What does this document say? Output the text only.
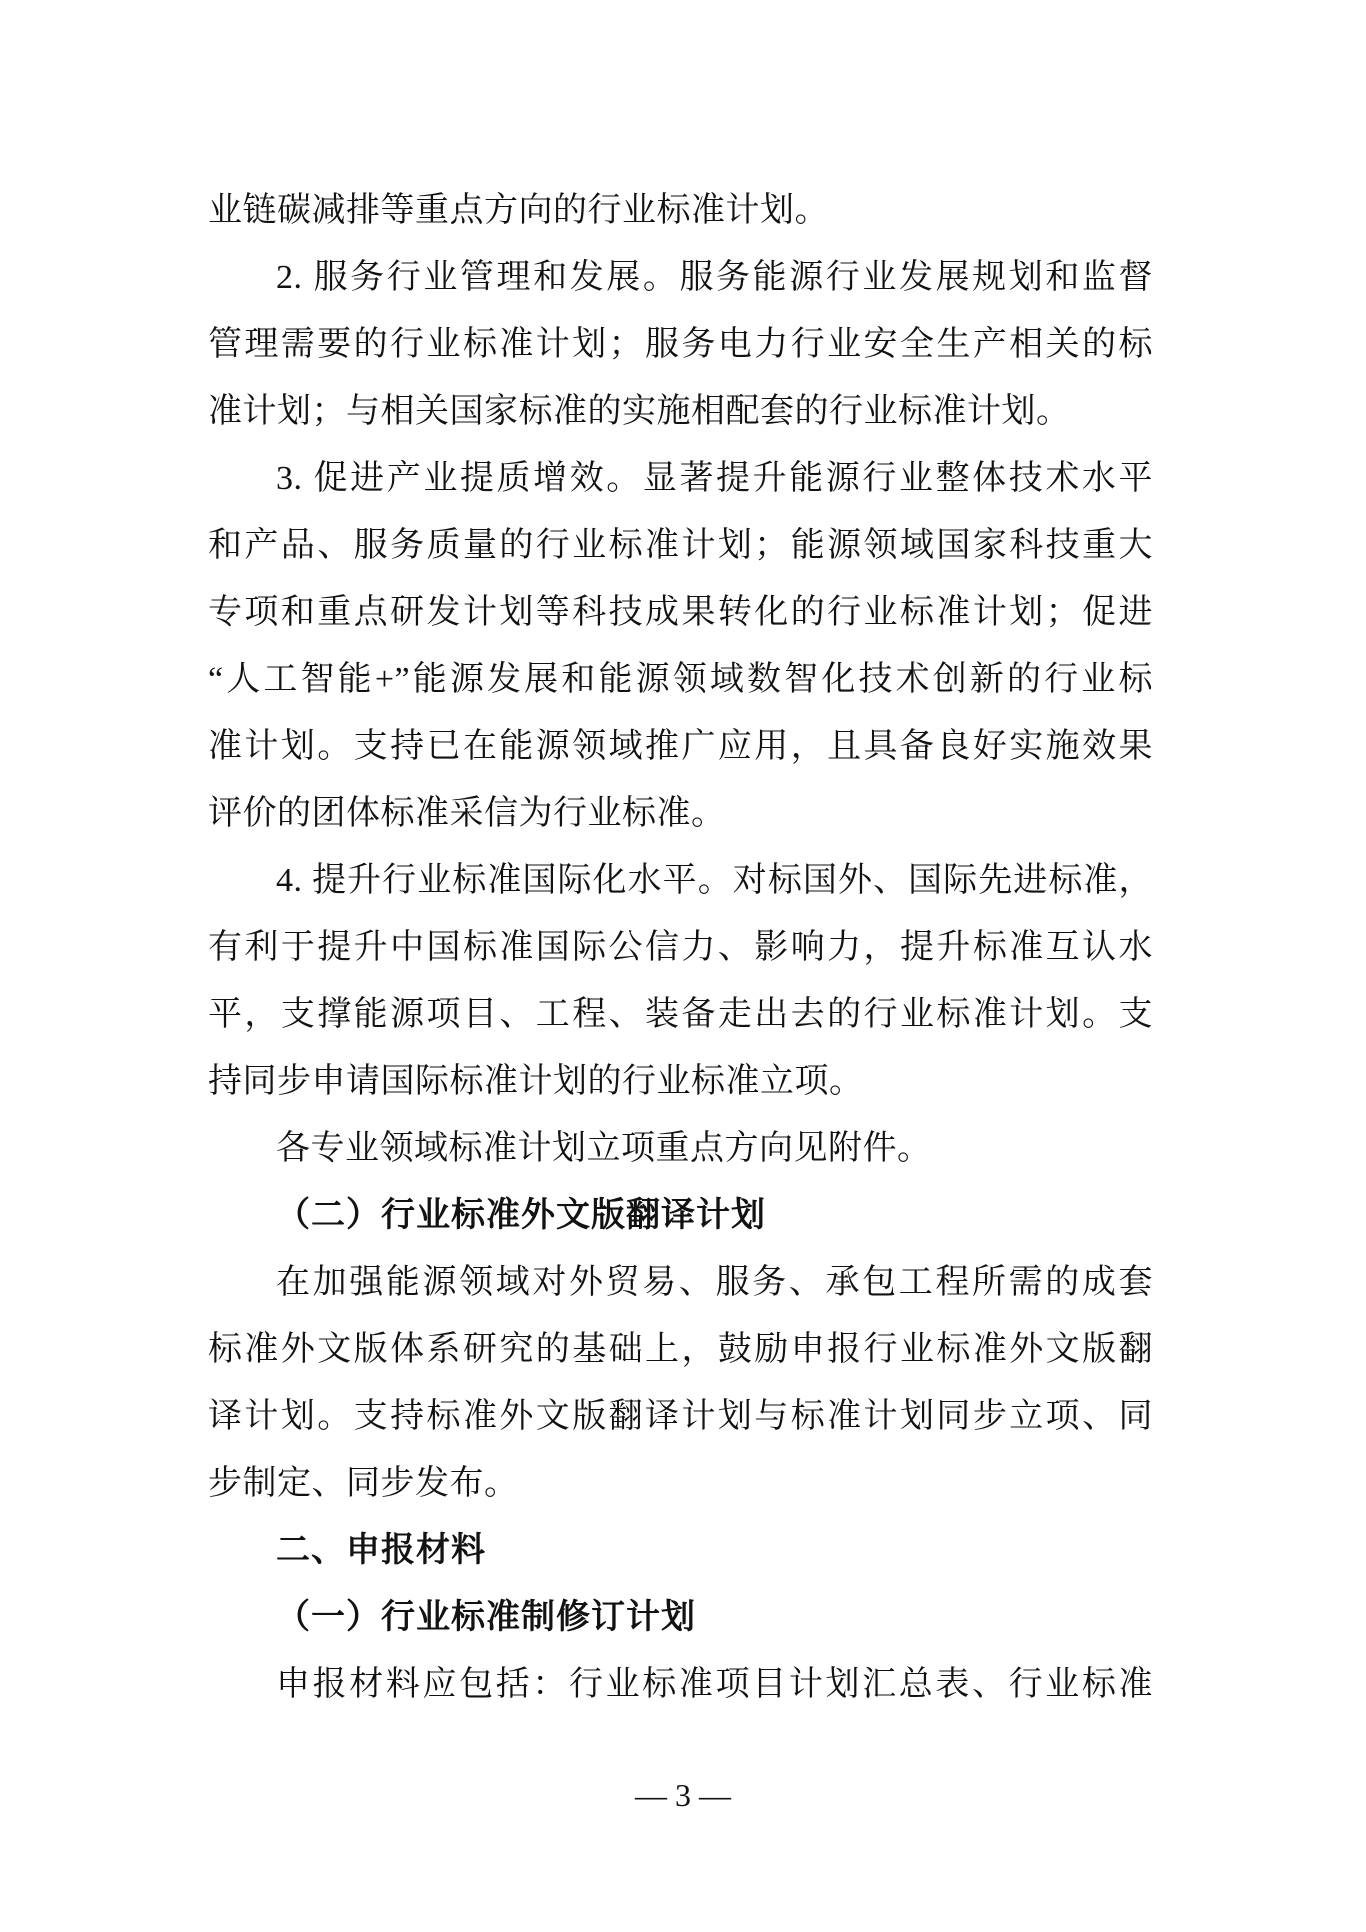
业链碳减排等重点方向的行业标准计划。
2. 服务行业管理和发展。服务能源行业发展规划和监督
管理需要的行业标准计划；服务电力行业安全生产相关的标
准计划；与相关国家标准的实施相配套的行业标准计划。
3. 促进产业提质增效。显著提升能源行业整体技术水平
和产品、服务质量的行业标准计划；能源领域国家科技重大
专项和重点研发计划等科技成果转化的行业标准计划；促进
“人工智能+”能源发展和能源领域数智化技术创新的行业标
准计划。支持已在能源领域推广应用，且具备良好实施效果
评价的团体标准采信为行业标准。
4. 提升行业标准国际化水平。对标国外、国际先进标准，
有利于提升中国标准国际公信力、影响力，提升标准互认水
平，支撑能源项目、工程、装备走出去的行业标准计划。支
持同步申请国际标准计划的行业标准立项。
各专业领域标准计划立项重点方向见附件。
（二）行业标准外文版翻译计划
在加强能源领域对外贸易、服务、承包工程所需的成套
标准外文版体系研究的基础上，鼓励申报行业标准外文版翻
译计划。支持标准外文版翻译计划与标准计划同步立项、同
步制定、同步发布。
二、申报材料
（一）行业标准制修订计划
申报材料应包括：行业标准项目计划汇总表、行业标准
— 3 —
